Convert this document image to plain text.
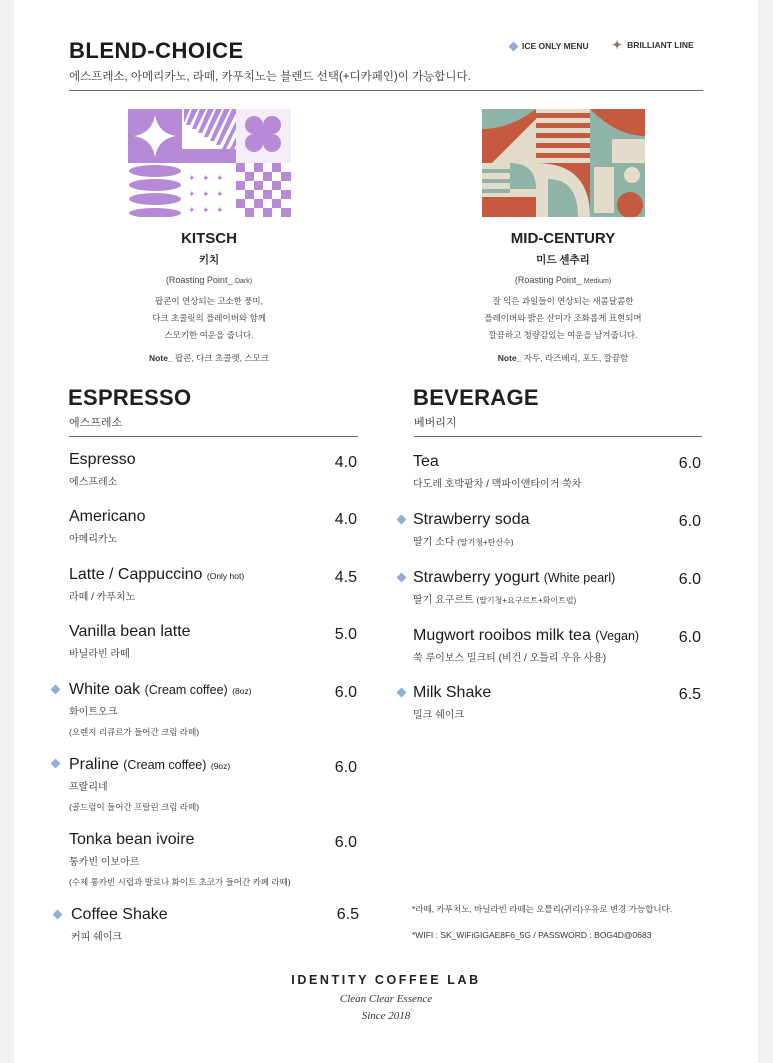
BLEND-CHOICE
에스프레소, 아메리카노, 라떼, 카푸치노는 블렌드 선택(+디카페인)이 가능합니다.
ICE ONLY MENU ✦ BRILLIANT LINE
✦ ✦ ✦
✦ ✦ ✦
✦ ✦ ✦
KITSCH
키치
(Roasting Point_ Dark)
팝콘이 연상되는 고소한 풍미,
다크 초콜릿의 플레이버와 함께
스모키한 여운을 줍니다.
Note_ 팝콘, 다크 초콜렛, 스모크
MID-CENTURY
미드 센추리
(Roasting Point_ Medium)
잘 익은 과일들이 연상되는 새콤달콤한
플레이버와 밝은 산미가 조화롭게 표현되며
깔끔하고 청량감있는 여운을 남겨줍니다.
Note_ 자두, 라즈베리, 포도, 깔끔함
ESPRESSO
에스프레소
BEVERAGE
베버리지
Espresso
에스프레소
4.0
Americano
아메리카노
4.0
Latte / Cappuccino (Only hot)
라떼 / 카푸치노
4.5
Vanilla bean latte
바닐라빈 라떼
5.0
White oak (Cream coffee) (8oz)
화이트오크
(오렌지 리큐르가 들어간 크림 라떼)
6.0
Praline (Cream coffee) (9oz)
프랄리네
(골드럼이 들어간 프랄린 크림 라떼)
6.0
Tonka bean ivoire
통카빈 이보아르
(수제 통카빈 시럽과 발로나 화이트 초코가 들어간 카페 라떼)
6.0
Coffee Shake
커피 쉐이크
6.5
Tea
다도레 호박팥차 / 맥파이앤타이거 쑥차
6.0
Strawberry soda
딸기 소다 (딸기청+탄산수)
6.0
Strawberry yogurt (White pearl)
딸기 요구르트 (딸기청+요구르트+화이트펄)
6.0
Mugwort rooibos milk tea (Vegan)
쑥 루이보스 밀크티 (비건 / 오틀리 우유 사용)
6.0
Milk Shake
밀크 쉐이크
6.5
*라떼, 카푸치노, 바닐라빈 라떼는 오틀리(귀리)우유로 변경 가능합니다.
*WIFI : SK_WiFiGIGAE8F6_5G / PASSWORD : BOG4D@0683
IDENTITY COFFEE LAB
Clean Clear Essence
Since 2018
